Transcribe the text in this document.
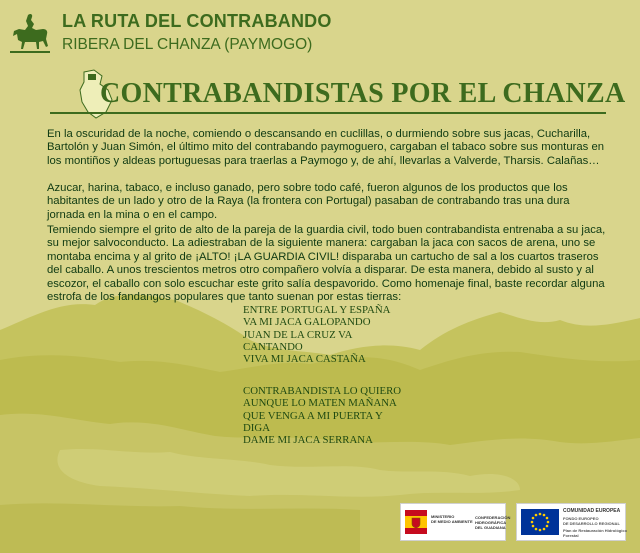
LA RUTA DEL CONTRABANDO
RIBERA DEL CHANZA (PAYMOGO)
CONTRABANDISTAS POR EL CHANZA

En la oscuridad de la noche, comiendo o descansando en cuclillas, o durmiendo sobre sus jacas, Cucharilla, Bartolón y Juan Simón, el último mito del contrabando paymoguero, cargaban el tabaco sobre sus monturas en los montiños y aldeas portuguesas para traerlas a Paymogo y, de ahí, llevarlas a Valverde, Tharsis. Calañas…

Azucar, harina, tabaco, e incluso ganado, pero sobre todo café, fueron algunos de los productos que los habitantes de un lado y otro de la Raya (la frontera con Portugal) pasaban de contrabando tras una dura jornada en la mina o en el campo.

Temiendo siempre el grito de alto de la pareja de la guardia civil, todo buen contrabandista entrenaba a su jaca, su mejor salvoconducto. La adiestraban de la siguiente manera: cargaban la jaca con sacos de arena, uno se montaba encima y al grito de ¡ALTO! ¡LA GUARDIA CIVIL! disparaba un cartucho de sal a los cuartos traseros del caballo. A unos trescientos metros otro compañero volvía a disparar. De esta manera, debido al susto y al escozor, el caballo con solo escuchar este grito salía despavorido. Como homenaje final, baste recordar alguna estrofa de los fandangos populares que tanto suenan por estas tierras:

ENTRE PORTUGAL Y ESPAÑA
VA MI JACA GALOPANDO
JUAN DE LA CRUZ VA
CANTANDO
VIVA MI JACA CASTAÑA
CONTRABANDISTA LO QUIERO
AUNQUE LO MATEN MAÑANA
QUE VENGA A MI PUERTA Y
DIGA
DAME MI JACA SERRANA
MINISTERIO
DE MEDIO AMBIENTE
CONFEDERACIÓN
HIDROGRÁFICA
DEL GUADIANA
COMUNIDAD EUROPEA
FONDO EUROPEO
DE DESARROLLO REGIONAL
Plan de Restauración Hidrológico
Forestal
